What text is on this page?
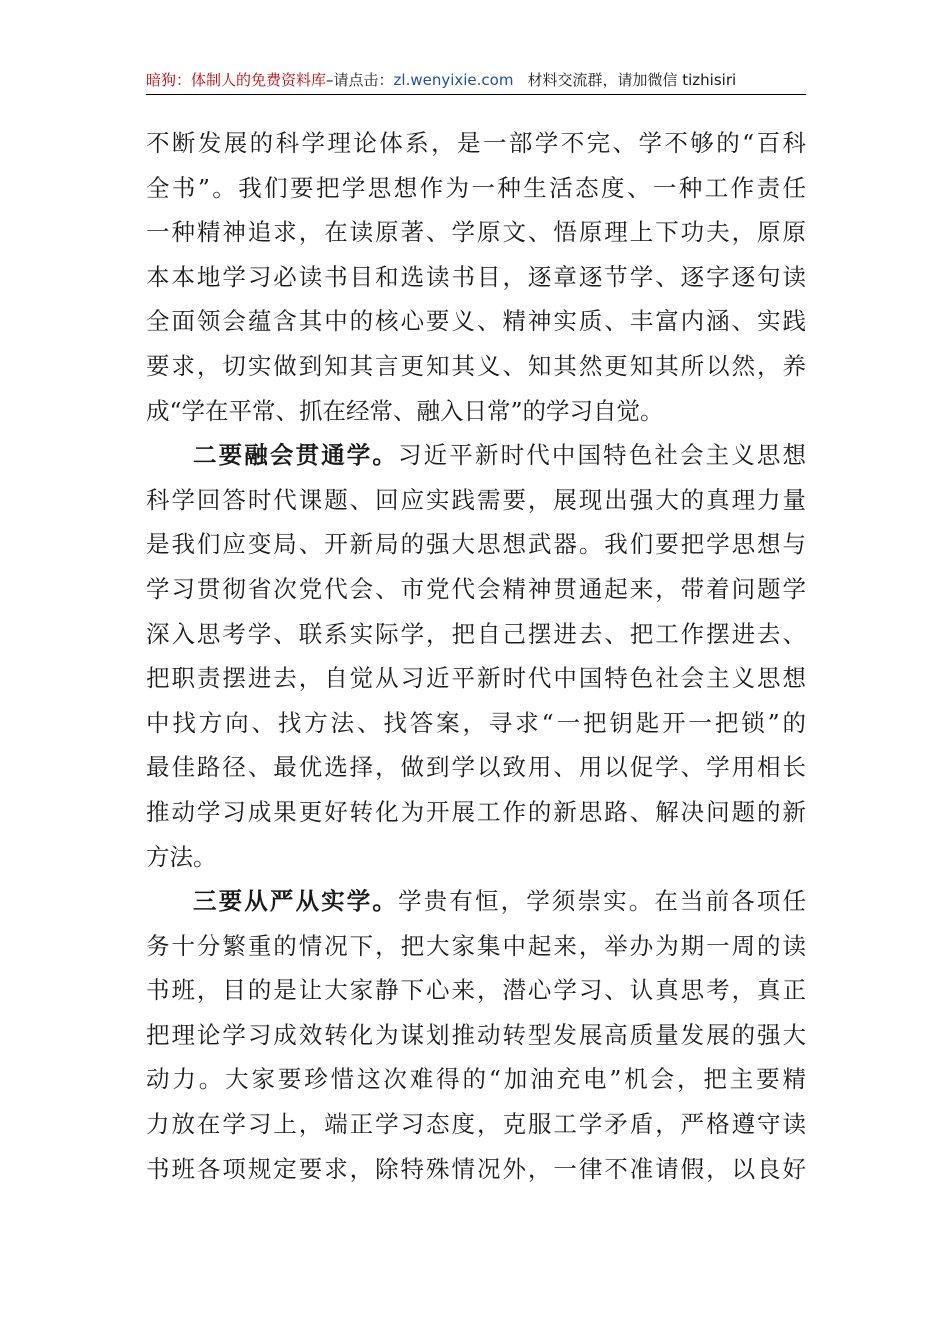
暗狗：体制人的免费资料库–请点击：zl.wenyixie.com 材料交流群，请加微信 tizhisiri
不断发展的科学理论体系，是一部学不完、学不够的“百科
全书”。我们要把学思想作为一种生活态度、一种工作责任
一种精神追求，在读原著、学原文、悟原理上下功夫，原原
本本地学习必读书目和选读书目，逐章逐节学、逐字逐句读
全面领会蕴含其中的核心要义、精神实质、丰富内涵、实践
要求，切实做到知其言更知其义、知其然更知其所以然，养
成“学在平常、抓在经常、融入日常”的学习自觉。
二要融会贯通学。习近平新时代中国特色社会主义思想
科学回答时代课题、回应实践需要，展现出强大的真理力量
是我们应变局、开新局的强大思想武器。我们要把学思想与
学习贯彻省次党代会、市党代会精神贯通起来，带着问题学
深入思考学、联系实际学，把自己摆进去、把工作摆进去、
把职责摆进去，自觉从习近平新时代中国特色社会主义思想
中找方向、找方法、找答案，寻求“一把钥匙开一把锁”的
最佳路径、最优选择，做到学以致用、用以促学、学用相长
推动学习成果更好转化为开展工作的新思路、解决问题的新
方法。
三要从严从实学。学贵有恒，学须崇实。在当前各项任
务十分繁重的情况下，把大家集中起来，举办为期一周的读
书班，目的是让大家静下心来，潜心学习、认真思考，真正
把理论学习成效转化为谋划推动转型发展高质量发展的强大
动力。大家要珍惜这次难得的“加油充电”机会，把主要精
力放在学习上，端正学习态度，克服工学矛盾，严格遵守读
书班各项规定要求，除特殊情况外，一律不准请假，以良好
